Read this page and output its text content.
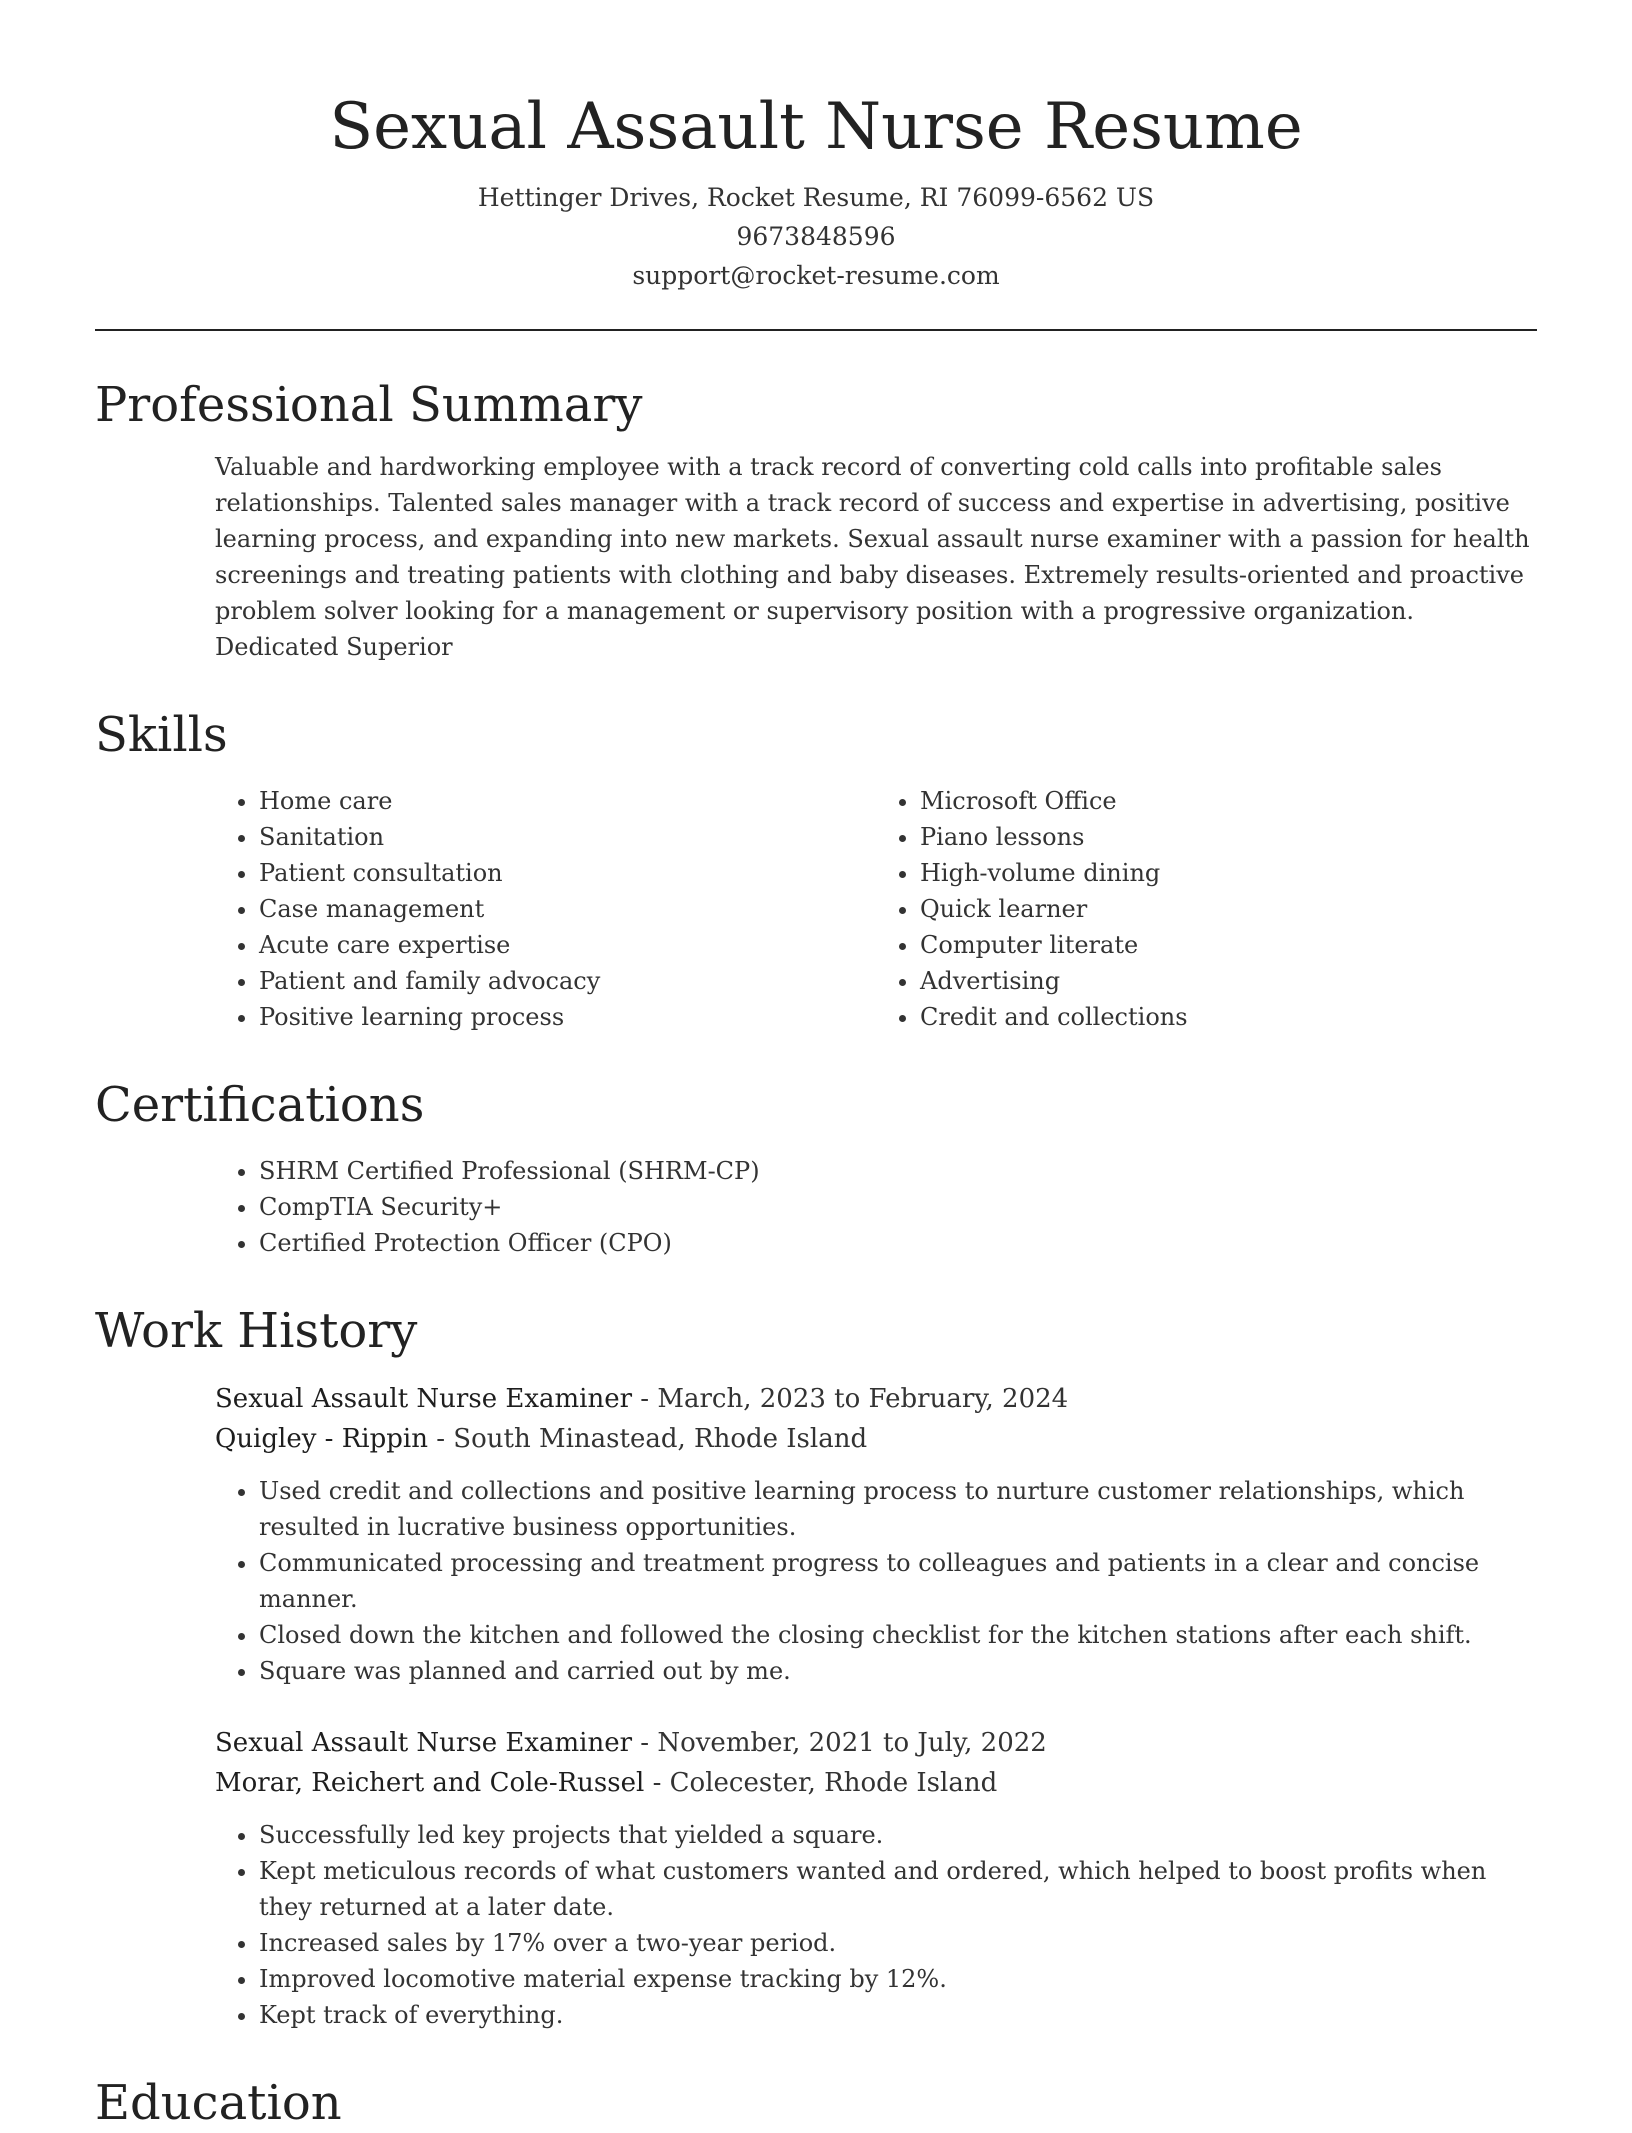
Sexual Assault Nurse Resume
Hettinger Drives, Rocket Resume, RI 76099-6562 US
9673848596
support@rocket-resume.com
Professional Summary

Valuable and hardworking employee with a track record of converting cold calls into profitable sales relationships. Talented sales manager with a track record of success and expertise in advertising, positive learning process, and expanding into new markets. Sexual assault nurse examiner with a passion for health screenings and treating patients with clothing and baby diseases. Extremely results-oriented and proactive problem solver looking for a management or supervisory position with a progressive organization. Dedicated Superior

Skills
• Home care
• Sanitation
• Patient consultation
• Case management
• Acute care expertise
• Patient and family advocacy
• Positive learning process
• Microsoft Office
• Piano lessons
• High-volume dining
• Quick learner
• Computer literate
• Advertising
• Credit and collections
Certifications
• SHRM Certified Professional (SHRM-CP)
• CompTIA Security+
• Certified Protection Officer (CPO)
Work History
Sexual Assault Nurse Examiner - March, 2023 to February, 2024
Quigley - Rippin - South Minastead, Rhode Island
• Used credit and collections and positive learning process to nurture customer relationships, which resulted in lucrative business opportunities.
• Communicated processing and treatment progress to colleagues and patients in a clear and concise manner.
• Closed down the kitchen and followed the closing checklist for the kitchen stations after each shift.
• Square was planned and carried out by me.
Sexual Assault Nurse Examiner - November, 2021 to July, 2022
Morar, Reichert and Cole-Russel - Colecester, Rhode Island
• Successfully led key projects that yielded a square.
• Kept meticulous records of what customers wanted and ordered, which helped to boost profits when they returned at a later date.
• Increased sales by 17% over a two-year period.
• Improved locomotive material expense tracking by 12%.
• Kept track of everything.
Education
